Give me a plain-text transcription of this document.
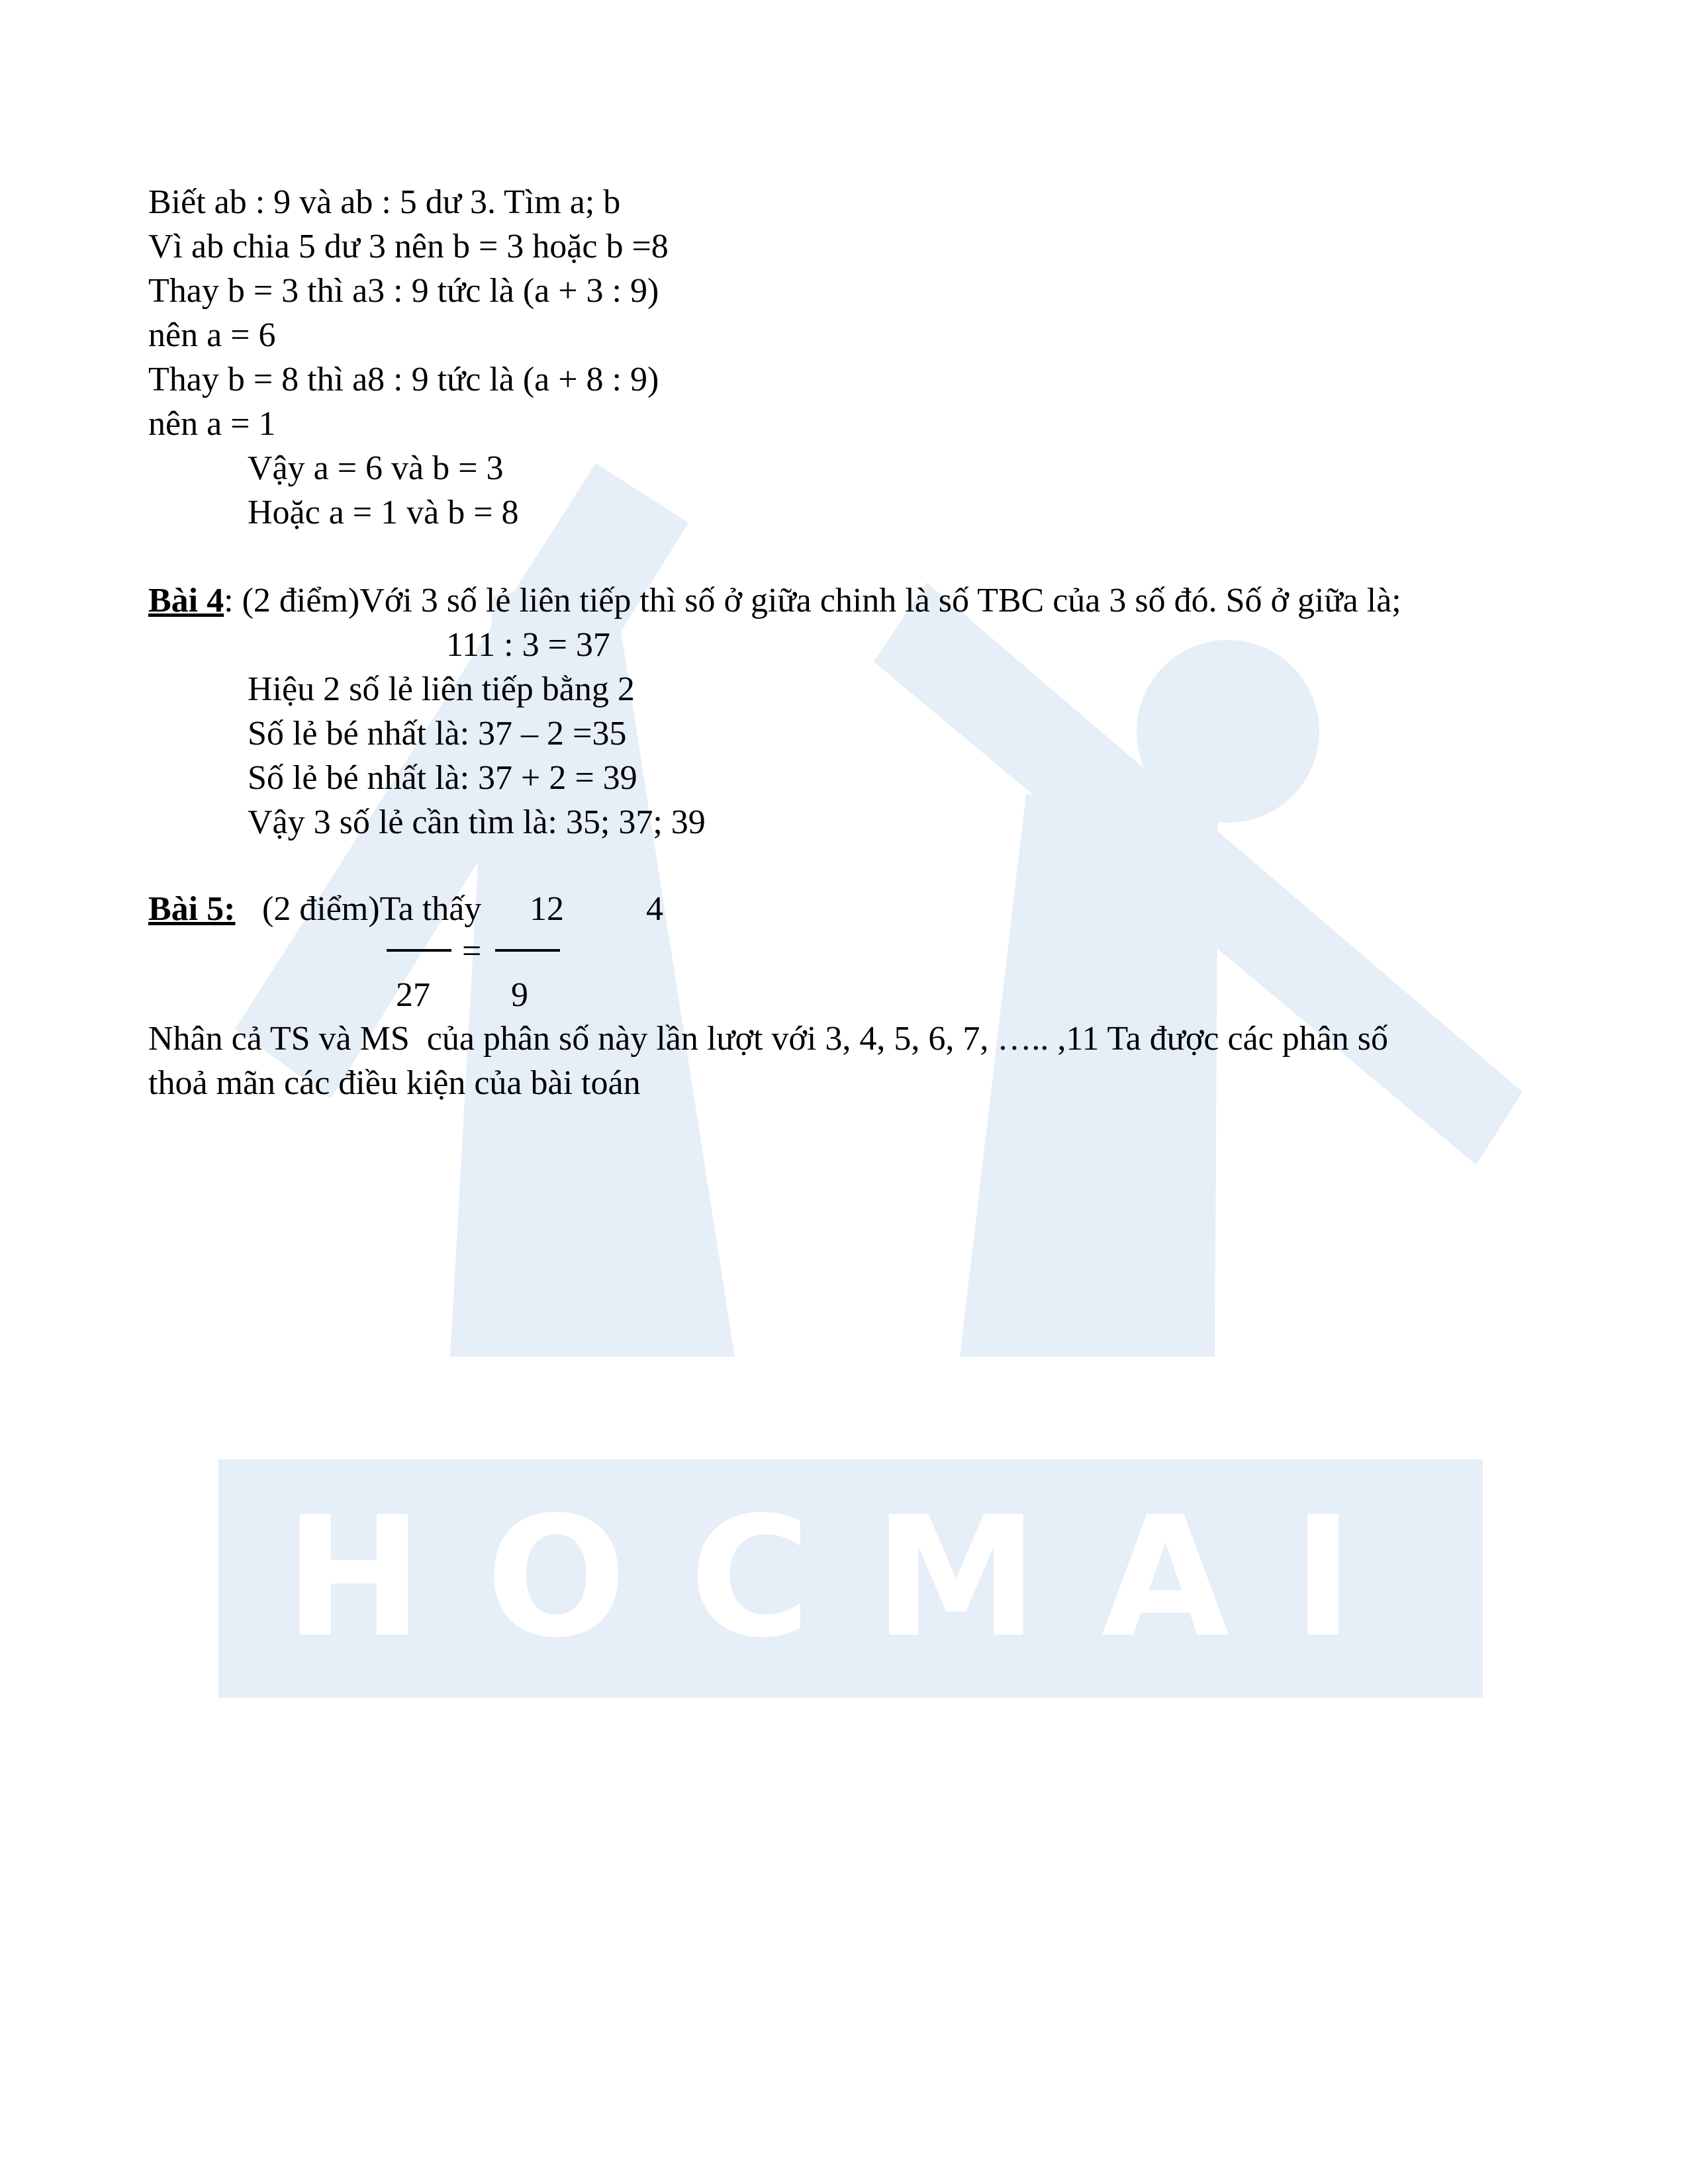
HOCMAI
Biết ab : 9 và ab : 5 dư 3. Tìm a; b
Vì ab chia 5 dư 3 nên b = 3 hoặc b =8
Thay b = 3 thì a3 : 9 tức là (a + 3 : 9)
nên a = 6
Thay b = 8 thì a8 : 9 tức là (a + 8 : 9)
nên a = 1
Vậy a = 6 và b = 3
Hoặc a = 1 và b = 8
Bài 4: (2 điểm)Với 3 số lẻ liên tiếp thì số ở giữa chinh là số TBC của 3 số đó. Số ở giữa là;
111 : 3 = 37
Hiệu 2 số lẻ liên tiếp bằng 2
Số lẻ bé nhất là: 37 – 2 =35
Số lẻ bé nhất là: 37 + 2 = 39
Vậy 3 số lẻ cần tìm là: 35; 37; 39
Bài 5: (2 điểm)Ta thấy 12 4
=
27 9
Nhân cả TS và MS  của phân số này lần lượt với 3, 4, 5, 6, 7, ….. ,11 Ta được các phân số
thoả mãn các điều kiện của bài toán
